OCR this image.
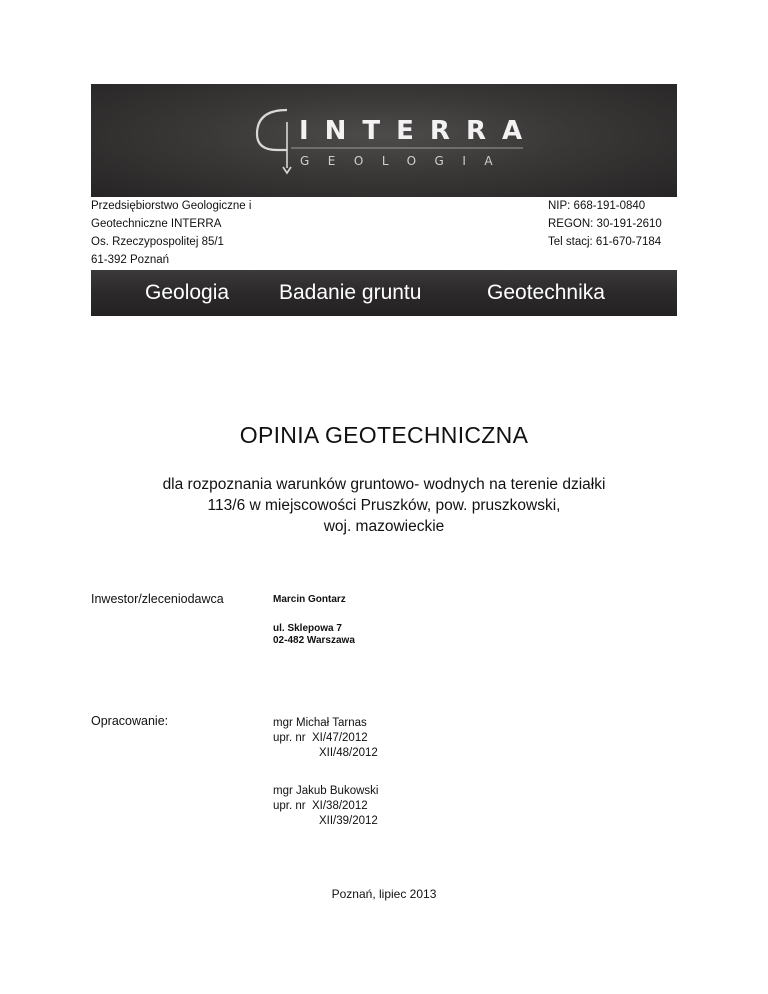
INTERRA
GEOLOGIA
Przedsiębiorstwo Geologiczne i
Geotechniczne INTERRA
Os. Rzeczypospolitej 85/1
61-392 Poznań
NIP: 668-191-0840
REGON: 30-191-2610
Tel stacj: 61-670-7184
Geologia Badanie gruntu	Geotechnika
OPINIA GEOTECHNICZNA
dla rozpoznania warunków gruntowo- wodnych na terenie działki
113/6 w miejscowości Pruszków, pow. pruszkowski,
woj. mazowieckie
Inwestor/zleceniodawca	Marcin Gontarz
ul. Sklepowa 7
02-482 Warszawa
Opracowanie:	mgr Michał Tarnas
upr. nr  XI/47/2012
XII/48/2012
mgr Jakub Bukowski
upr. nr  XI/38/2012
XII/39/2012
Poznań, lipiec 2013
